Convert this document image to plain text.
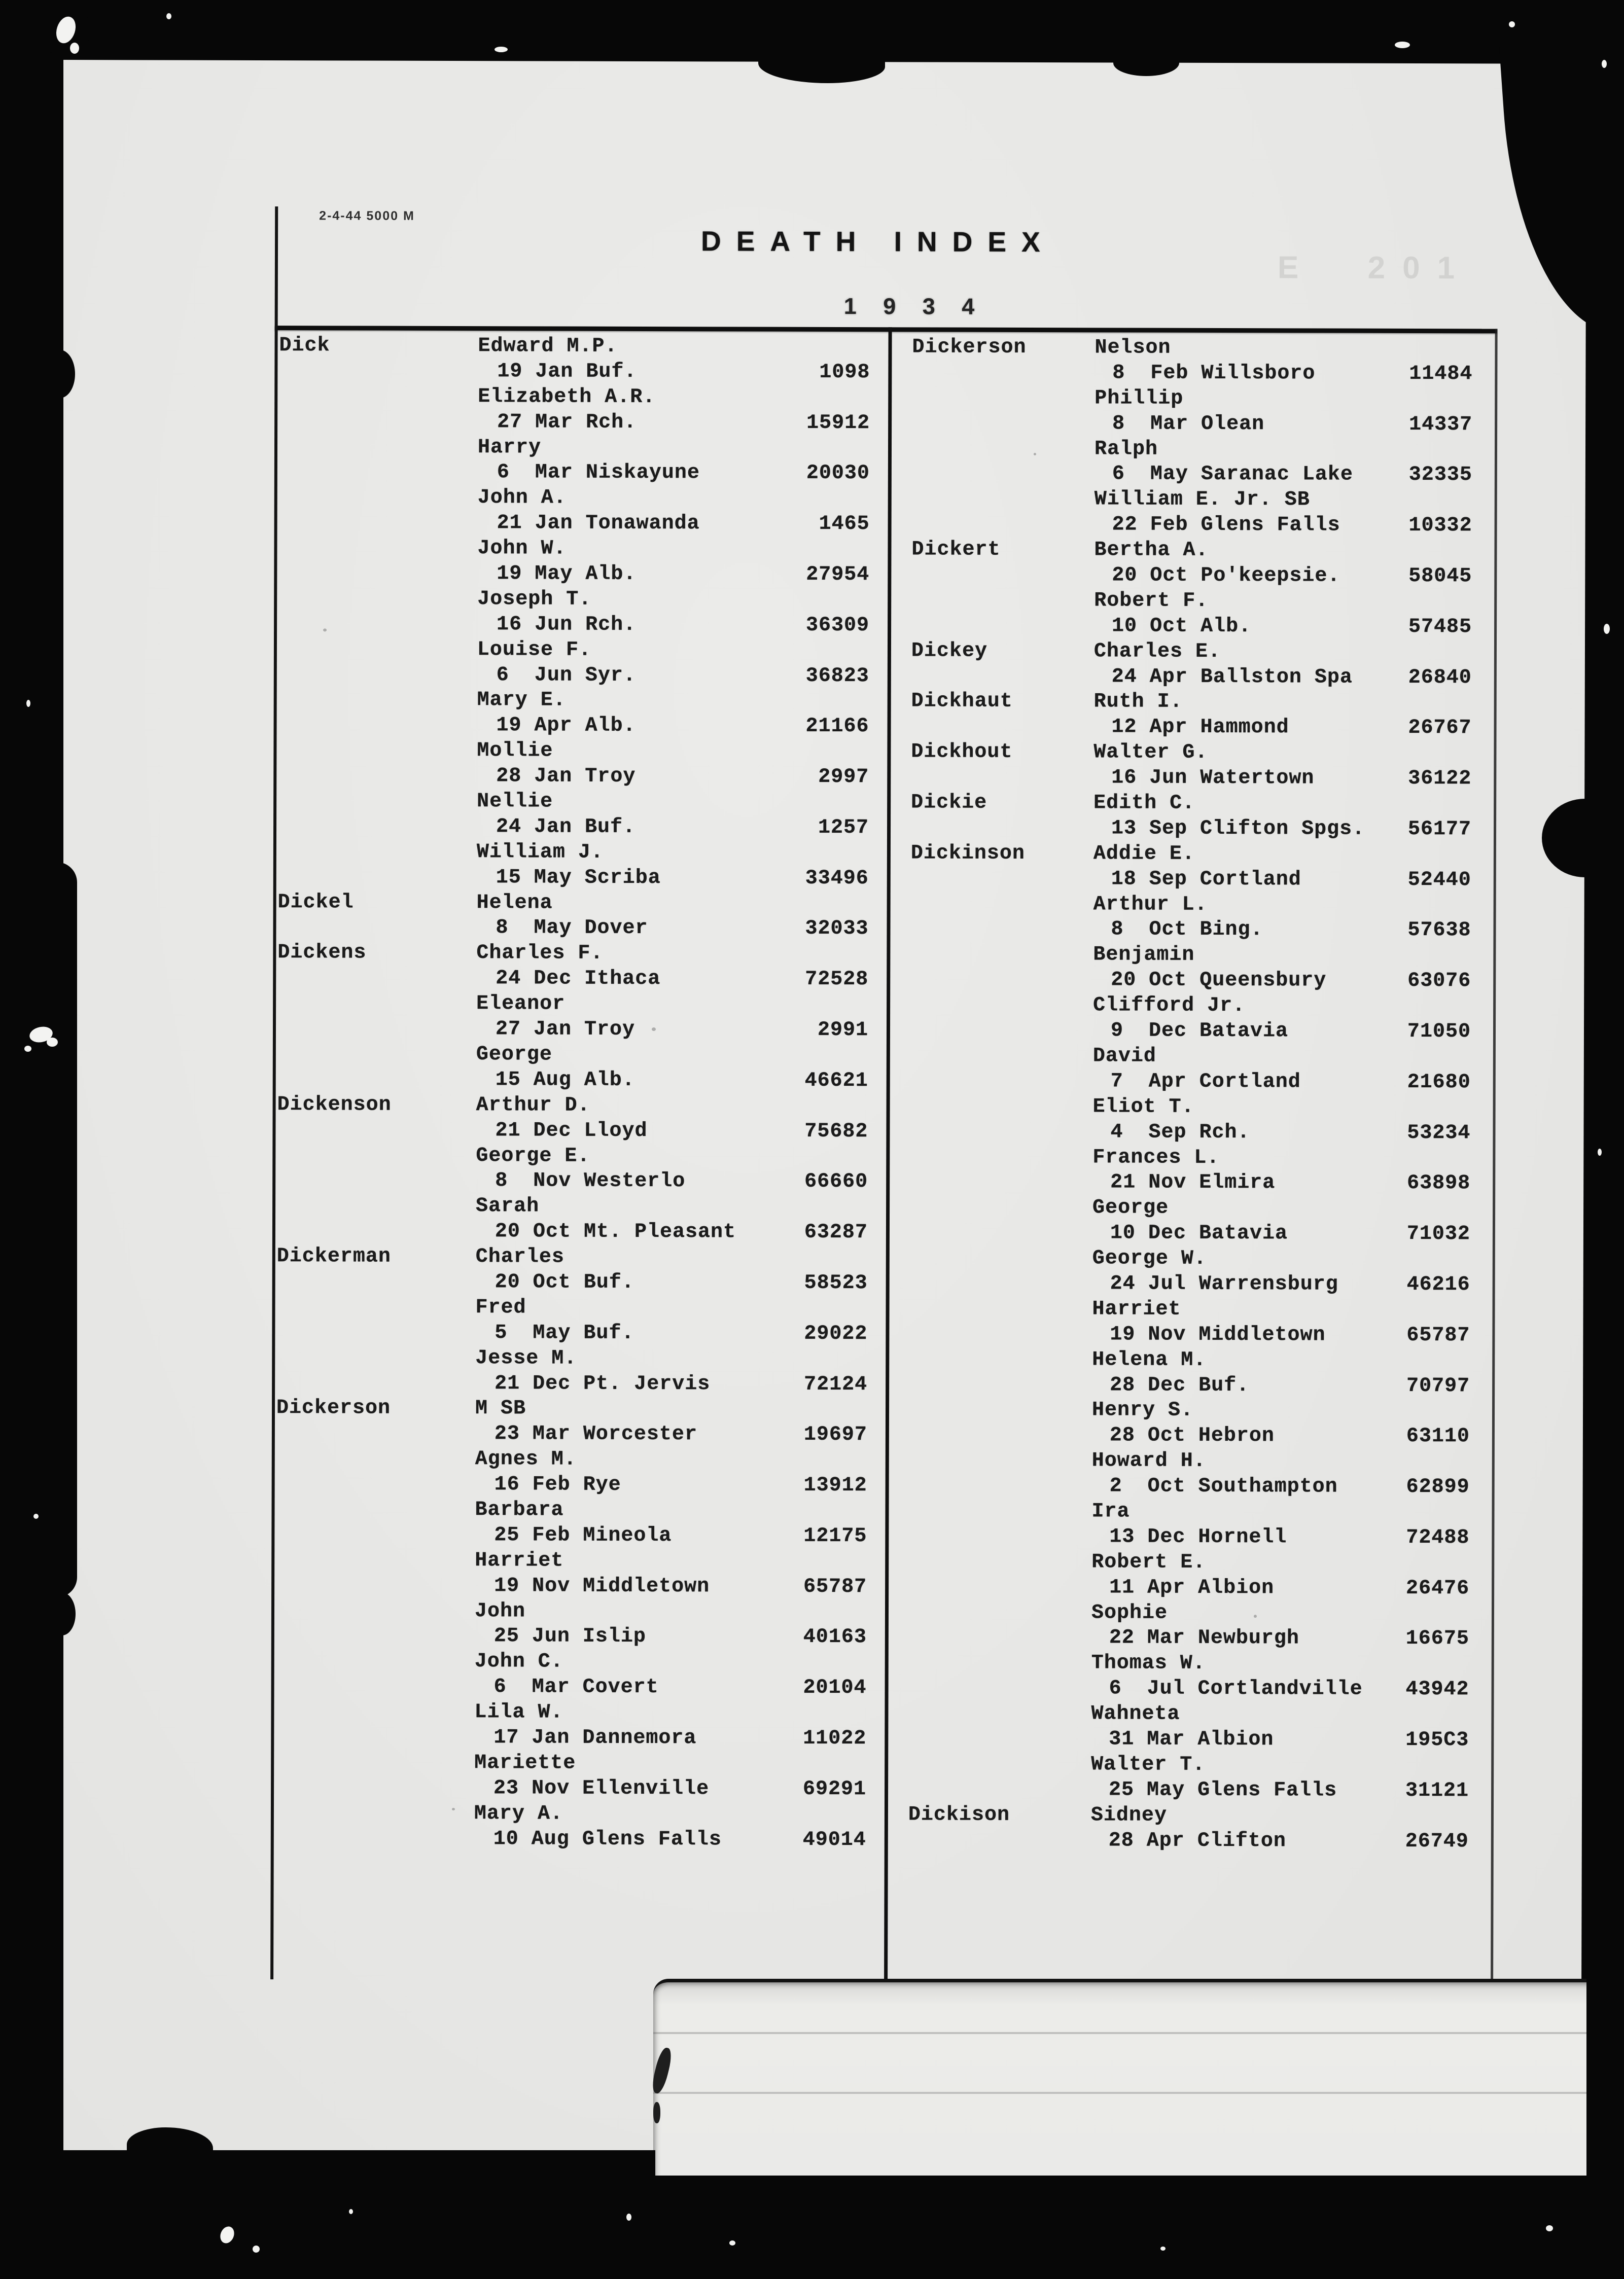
2-4-44 5000 M
DEATH INDEX
1 9 3 4
E  201
Dick	Edward M.P.
19 Jan Buf.	1098
Elizabeth A.R.
27 Mar Rch.	15912
Harry
6  Mar Niskayune	20030
John A.
21 Jan Tonawanda	1465
John W.
19 May Alb.	27954
Joseph T.
16 Jun Rch.	36309
Louise F.
6  Jun Syr.	36823
Mary E.
19 Apr Alb.	21166
Mollie
28 Jan Troy	2997
Nellie
24 Jan Buf.	1257
William J.
15 May Scriba	33496
Dickel	Helena
8  May Dover	32033
Dickens	Charles F.
24 Dec Ithaca	72528
Eleanor
27 Jan Troy	2991
George
15 Aug Alb.	46621
Dickenson	Arthur D.
21 Dec Lloyd	75682
George E.
8  Nov Westerlo	66660
Sarah
20 Oct Mt. Pleasant	63287
Dickerman	Charles
20 Oct Buf.	58523
Fred
5  May Buf.	29022
Jesse M.
21 Dec Pt. Jervis	72124
Dickerson	M SB
23 Mar Worcester	19697
Agnes M.
16 Feb Rye	13912
Barbara
25 Feb Mineola	12175
Harriet
19 Nov Middletown	65787
John
25 Jun Islip	40163
John C.
6  Mar Covert	20104
Lila W.
17 Jan Dannemora	11022
Mariette
23 Nov Ellenville	69291
Mary A.
10 Aug Glens Falls	49014
Dickerson	Nelson
8  Feb Willsboro	11484
Phillip
8  Mar Olean	14337
Ralph
6  May Saranac Lake	32335
William E. Jr. SB
22 Feb Glens Falls	10332
Dickert	Bertha A.
20 Oct Po'keepsie.	58045
Robert F.
10 Oct Alb.	57485
Dickey	Charles E.
24 Apr Ballston Spa	26840
Dickhaut	Ruth I.
12 Apr Hammond	26767
Dickhout	Walter G.
16 Jun Watertown	36122
Dickie	Edith C.
13 Sep Clifton Spgs. 56177
Dickinson	Addie E.
18 Sep Cortland	52440
Arthur L.
8  Oct Bing.	57638
Benjamin
20 Oct Queensbury	63076
Clifford Jr.
9  Dec Batavia	71050
David
7  Apr Cortland	21680
Eliot T.
4  Sep Rch.	53234
Frances L.
21 Nov Elmira	63898
George
10 Dec Batavia	71032
George W.
24 Jul Warrensburg	46216
Harriet
19 Nov Middletown	65787
Helena M.
28 Dec Buf.	70797
Henry S.
28 Oct Hebron	63110
Howard H.
2  Oct Southampton	62899
Ira
13 Dec Hornell	72488
Robert E.
11 Apr Albion	26476
Sophie
22 Mar Newburgh	16675
Thomas W.
6  Jul Cortlandville 43942
Wahneta
31 Mar Albion	195C3
Walter T.
25 May Glens Falls	31121
Dickison	Sidney
28 Apr Clifton	26749
